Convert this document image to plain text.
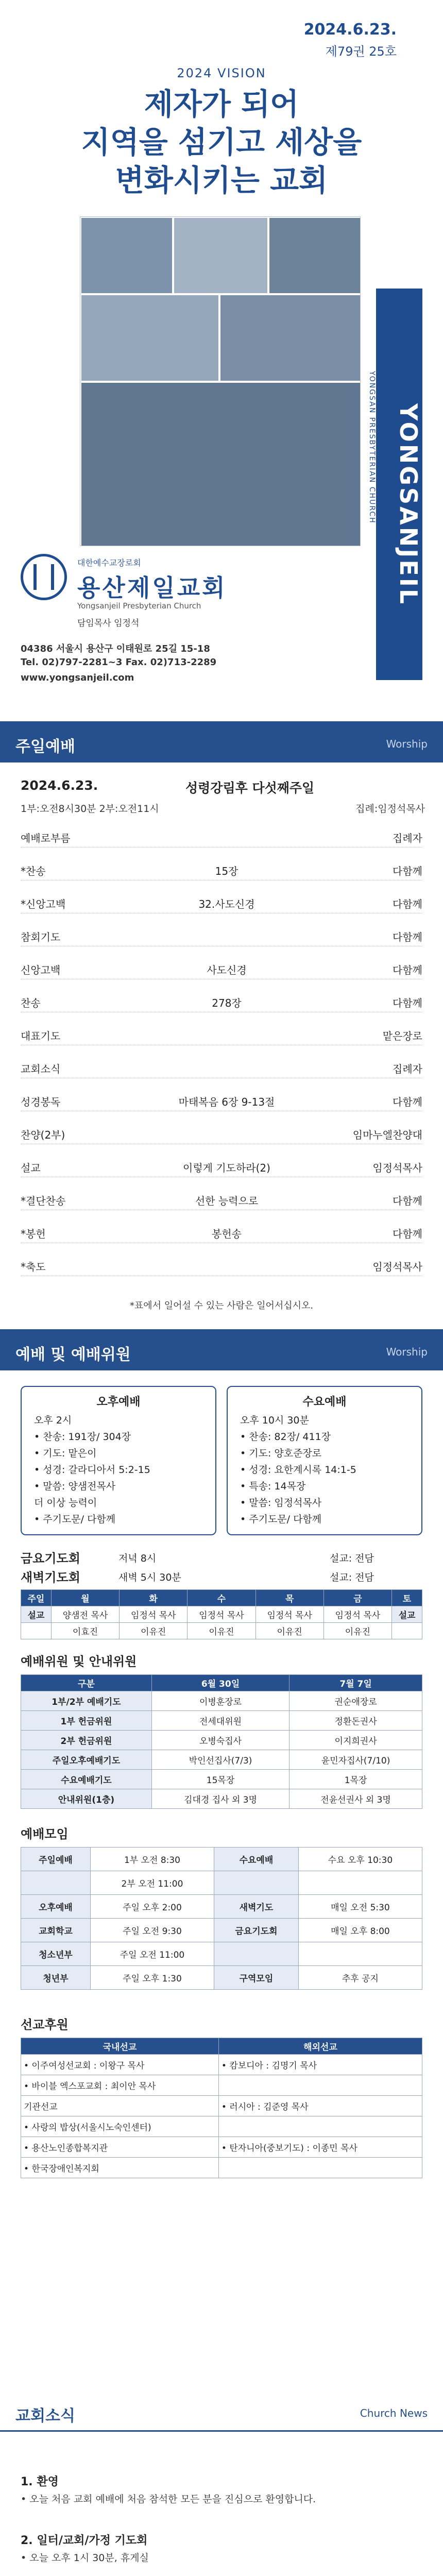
2024.6.23.
제79권 25호
2024 VISION
제자가 되어
지역을 섬기고 세상을
변화시키는 교회
YONGSANJEIL
YONGSAN PRESBYTERIAN CHURCH
대한예수교장로회
용산제일교회
Yongsanjeil Presbyterian Church
담임목사 임정석
04386 서울시 용산구 이태원로 25길 15-18
Tel. 02)797-2281~3 Fax. 02)713-2289
www.yongsanjeil.com
주일예배	Worship
2024.6.23.	성령강림후 다섯째주일
1부:오전8시30분 2부:오전11시	집례:임정석목사
예배로부름	집례자
*찬송	15장	다함께
*신앙고백	32.사도신경	다함께
참회기도	다함께
신앙고백	사도신경	다함께
찬송	278장	다함께
대표기도	맡은장로
교회소식	집례자
성경봉독	마태복음 6장 9-13절	다함께
찬양(2부)	임마누엘찬양대
설교	이렇게 기도하라(2)	임정석목사
*결단찬송	선한 능력으로	다함께
*봉헌	봉헌송	다함께
*축도	임정석목사
*표에서 일어설 수 있는 사람은 일어서십시오.
예배 및 예배위원	Worship
오후예배
오후 2시
• 찬송: 191장/ 304장
• 기도: 맡은이
• 성경: 갈라디아서 5:2-15
• 말씀: 양샘전목사
더 이상 능력이
• 주기도문/ 다함께
수요예배
오후 10시 30분
• 찬송: 82장/ 411장
• 기도: 양호준장로
• 성경: 요한계시록 14:1-5
• 특송: 14목장
• 말씀: 임정석목사
• 주기도문/ 다함께
금요기도회	저녁 8시	설교: 전담
새벽기도회	새벽 5시 30분	설교: 전담
주일	월	화	수	목	금	토
설교	양샘전 목사	임정석 목사	임정석 목사	임정석 목사	임정석 목사	설교
	이효진	이유진	이유진	이유진	이유진	
예배위원 및 안내위원
구분	6월 30일	7월 7일
1부/2부 예배기도	이병훈장로	권순애장로
1부 헌금위원	전세대위원	정환돈권사
2부 헌금위원	오병숙집사	이지희권사
주일오후예배기도	박인선집사(7/3)	윤민자집사(7/10)
수요예배기도	15목장	1목장
안내위원(1층)	김대경 집사 외 3명	전윤선권사 외 3명
예배모임
주일예배	1부 오전 8:30	수요예배	수요 오후 10:30
	2부 오전 11:00		
오후예배	주일 오후 2:00	새벽기도	매일 오전 5:30
교회학교	주일 오전 9:30	금요기도회	매일 오후 8:00
청소년부	주일 오전 11:00		
청년부	주일 오후 1:30	구역모임	추후 공지
선교후원
국내선교	해외선교
• 이주여성선교회 : 이왕구 목사	• 캄보디아 : 김명기 목사
• 바이블 엑스포교회 : 최이안 목사	
기관선교	• 러시아 : 김준영 목사
• 사랑의 밥상(서울시노숙인센터)	
• 용산노인종합복지관	• 탄자니아(중보기도) : 이종민 목사
• 한국장애인복지회	
교회소식	Church News
1. 환영
• 오늘 처음 교회 예배에 처음 참석한 모든 분을 진심으로 환영합니다.
2. 일터/교회/가정 기도회
• 오늘 오후 1시 30분, 휴게실
